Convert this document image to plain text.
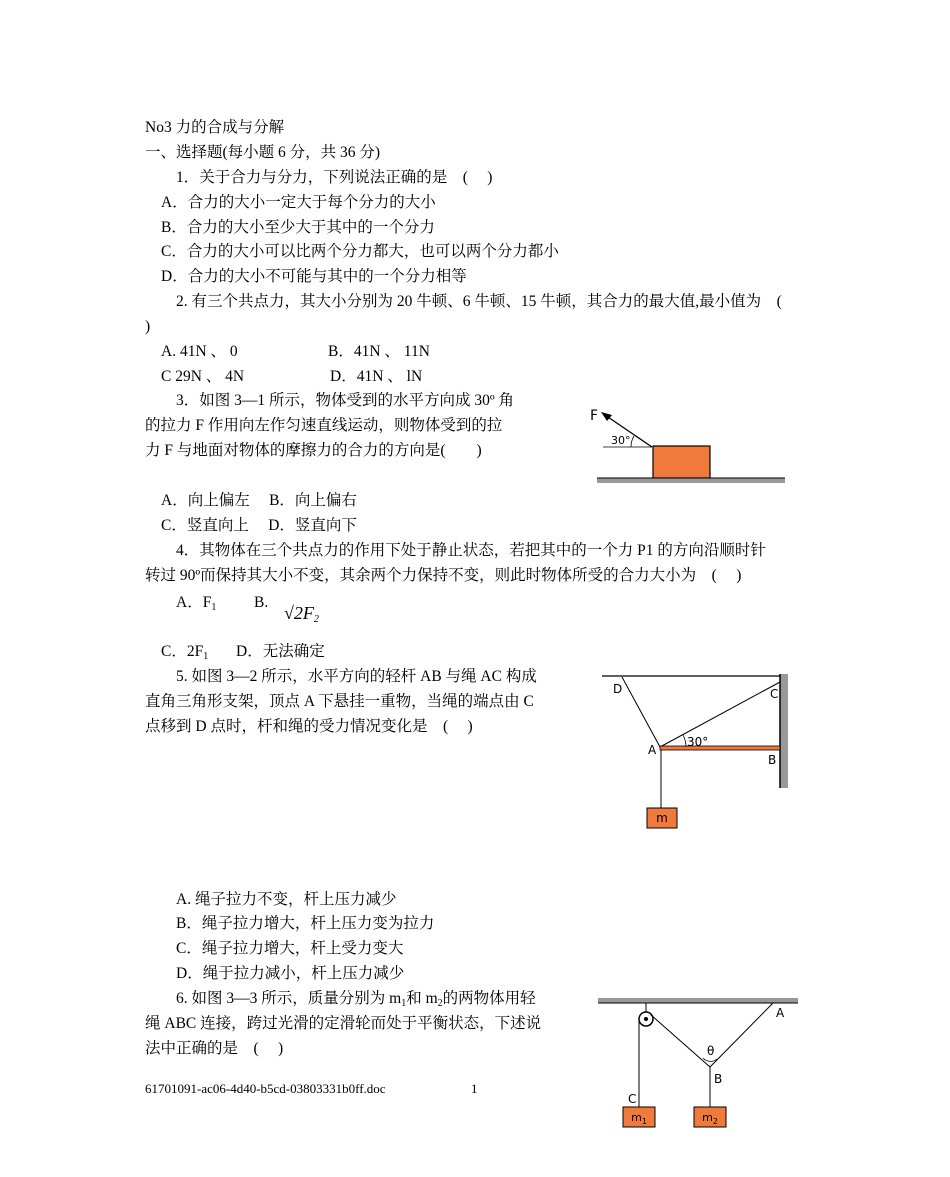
No3 力的合成与分解
一、选择题(每小题 6 分，共 36 分)
1．关于合力与分力，下列说法正确的是　(　 )
A．合力的大小一定大于每个分力的大小
B．合力的大小至少大于其中的一个分力
C．合力的大小可以比两个分力都大，也可以两个分力都小
D．合力的大小不可能与其中的一个分力相等
2. 有三个共点力，其大小分别为 20 牛顿、6 牛顿、15 牛顿，其合力的最大值,最小值为　(
)
A. 41N 、 0	B．41N 、 11N
C 29N 、 4N	D．41N 、 lN
3．如图 3—1 所示，物体受到的水平方向成 30º 角
的拉力 F 作用向左作匀速直线运动，则物体受到的拉
力 F 与地面对物体的摩擦力的合力的方向是(　　)
A．向上偏左　 B．向上偏右
C．竖直向上　 D．竖直向下
F
30°
4．其物体在三个共点力的作用下处于静止状态，若把其中的一个力 P1 的方向沿顺时针
转过 90º而保持其大小不变，其余两个力保持不变，则此时物体所受的合力大小为　(　 )
A．$F_1$ B.
$√2F_2$
C．$2F_1$ D．无法确定
5. 如图 3—2 所示，水平方向的轻杆 AB 与绳 AC 构成
直角三角形支架，顶点 A 下悬挂一重物，当绳的端点由 C
点移到 D 点时，杆和绳的受力情况变化是　(　 )
D	C
A
B
30°
m
A. 绳子拉力不变，杆上压力减少
B．绳子拉力增大，杆上压力变为拉力
C．绳子拉力增大，杆上受力变大
D．绳于拉力减小，杆上压力减少
6. 如图 3—3 所示，质量分别为 $m_1$和 $m_2$的两物体用轻
绳 ABC 连接，跨过光滑的定滑轮而处于平衡状态，下述说
法中正确的是　(　 )	θ
A
B
C
$m_1$	$m_2$
61701091-ac06-4d40-b5cd-03803331b0ff.doc	1
